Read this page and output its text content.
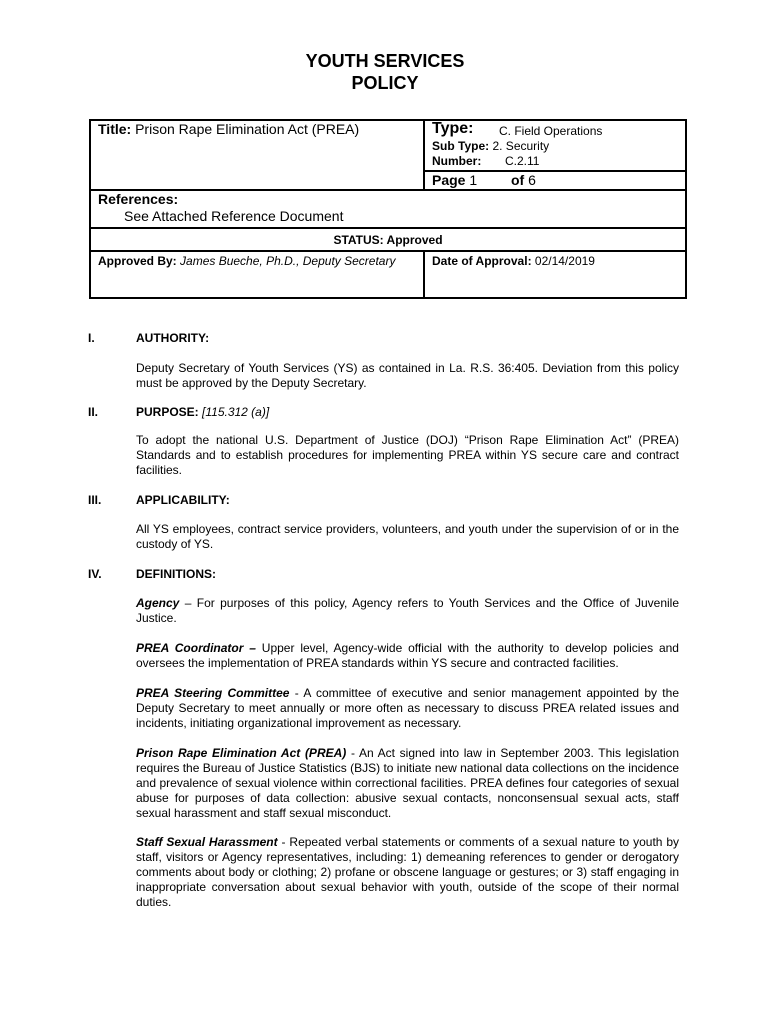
YOUTH SERVICES
POLICY
Title: Prison Rape Elimination Act (PREA)	Type: C. Field Operations
Sub Type: 2. Security
Number: C.2.11
Page 1 of 6
References:
See Attached Reference Document
STATUS: Approved
Approved By: James Bueche, Ph.D., Deputy Secretary	Date of Approval: 02/14/2019
I.	AUTHORITY:
Deputy Secretary of Youth Services (YS) as contained in La. R.S. 36:405. Deviation from this policy must be approved by the Deputy Secretary.
II.	PURPOSE: [115.312 (a)]
To adopt the national U.S. Department of Justice (DOJ) “Prison Rape Elimination Act” (PREA) Standards and to establish procedures for implementing PREA within YS secure care and contract facilities.
III.	APPLICABILITY:
All YS employees, contract service providers, volunteers, and youth under the supervision of or in the custody of YS.
IV.	DEFINITIONS:
Agency – For purposes of this policy, Agency refers to Youth Services and the Office of Juvenile Justice.
PREA Coordinator – Upper level, Agency-wide official with the authority to develop policies and oversees the implementation of PREA standards within YS secure and contracted facilities.
PREA Steering Committee - A committee of executive and senior management appointed by the Deputy Secretary to meet annually or more often as necessary to discuss PREA related issues and incidents, initiating organizational improvement as necessary.
Prison Rape Elimination Act (PREA) - An Act signed into law in September 2003. This legislation requires the Bureau of Justice Statistics (BJS) to initiate new national data collections on the incidence and prevalence of sexual violence within correctional facilities. PREA defines four categories of sexual abuse for purposes of data collection: abusive sexual contacts, nonconsensual sexual acts, staff sexual harassment and staff sexual misconduct.
Staff Sexual Harassment - Repeated verbal statements or comments of a sexual nature to youth by staff, visitors or Agency representatives, including: 1) demeaning references to gender or derogatory comments about body or clothing; 2) profane or obscene language or gestures; or 3) staff engaging in inappropriate conversation about sexual behavior with youth, outside of the scope of their normal duties.
